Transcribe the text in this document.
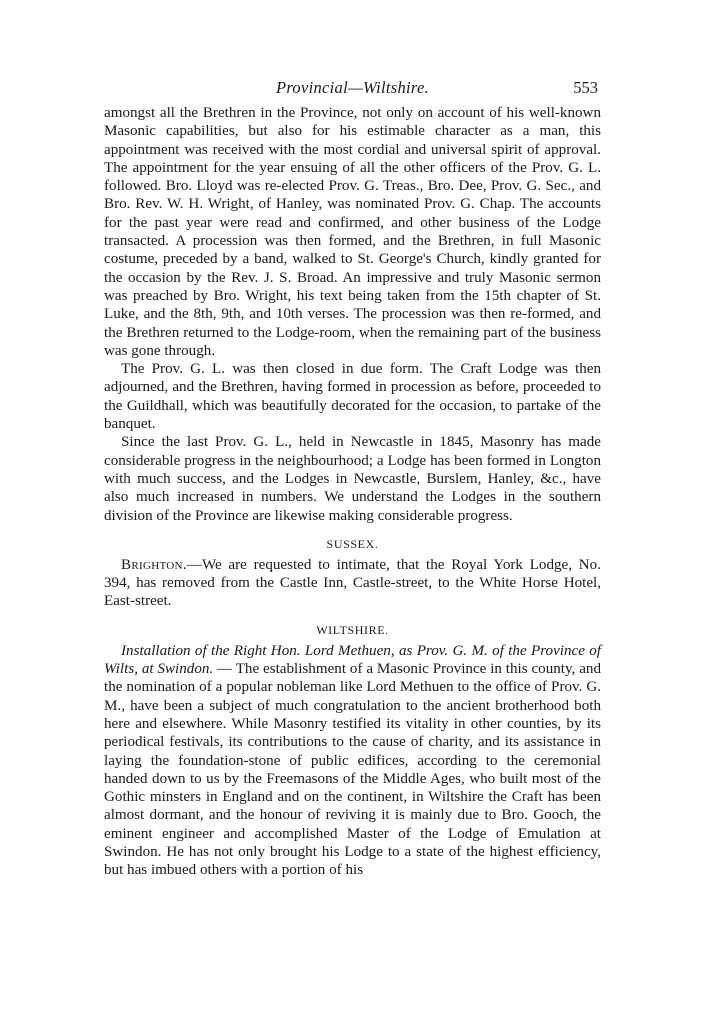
Provincial—Wiltshire.	553

amongst all the Brethren in the Province, not only on account of his well-known Masonic capabilities, but also for his estimable character as a man, this appointment was received with the most cordial and universal spirit of approval. The appointment for the year ensuing of all the other officers of the Prov. G. L. followed. Bro. Lloyd was re-elected Prov. G. Treas., Bro. Dee, Prov. G. Sec., and Bro. Rev. W. H. Wright, of Hanley, was nominated Prov. G. Chap. The accounts for the past year were read and confirmed, and other business of the Lodge transacted. A procession was then formed, and the Brethren, in full Masonic costume, preceded by a band, walked to St. George's Church, kindly granted for the occasion by the Rev. J. S. Broad. An impressive and truly Masonic sermon was preached by Bro. Wright, his text being taken from the 15th chapter of St. Luke, and the 8th, 9th, and 10th verses. The procession was then re-formed, and the Brethren returned to the Lodge-room, when the remaining part of the business was gone through.

The Prov. G. L. was then closed in due form. The Craft Lodge was then adjourned, and the Brethren, having formed in procession as before, proceeded to the Guildhall, which was beautifully decorated for the occasion, to partake of the banquet.

Since the last Prov. G. L., held in Newcastle in 1845, Masonry has made considerable progress in the neighbourhood; a Lodge has been formed in Longton with much success, and the Lodges in Newcastle, Burslem, Hanley, &c., have also much increased in numbers. We understand the Lodges in the southern division of the Province are likewise making considerable progress.

SUSSEX.

Brighton.—We are requested to intimate, that the Royal York Lodge, No. 394, has removed from the Castle Inn, Castle-street, to the White Horse Hotel, East-street.

WILTSHIRE.

Installation of the Right Hon. Lord Methuen, as Prov. G. M. of the Province of Wilts, at Swindon. — The establishment of a Masonic Province in this county, and the nomination of a popular nobleman like Lord Methuen to the office of Prov. G. M., have been a subject of much congratulation to the ancient brotherhood both here and elsewhere. While Masonry testified its vitality in other counties, by its periodical festivals, its contributions to the cause of charity, and its assistance in laying the foundation-stone of public edifices, according to the ceremonial handed down to us by the Freemasons of the Middle Ages, who built most of the Gothic minsters in England and on the continent, in Wiltshire the Craft has been almost dormant, and the honour of reviving it is mainly due to Bro. Gooch, the eminent engineer and accomplished Master of the Lodge of Emulation at Swindon. He has not only brought his Lodge to a state of the highest efficiency, but has imbued others with a portion of his
